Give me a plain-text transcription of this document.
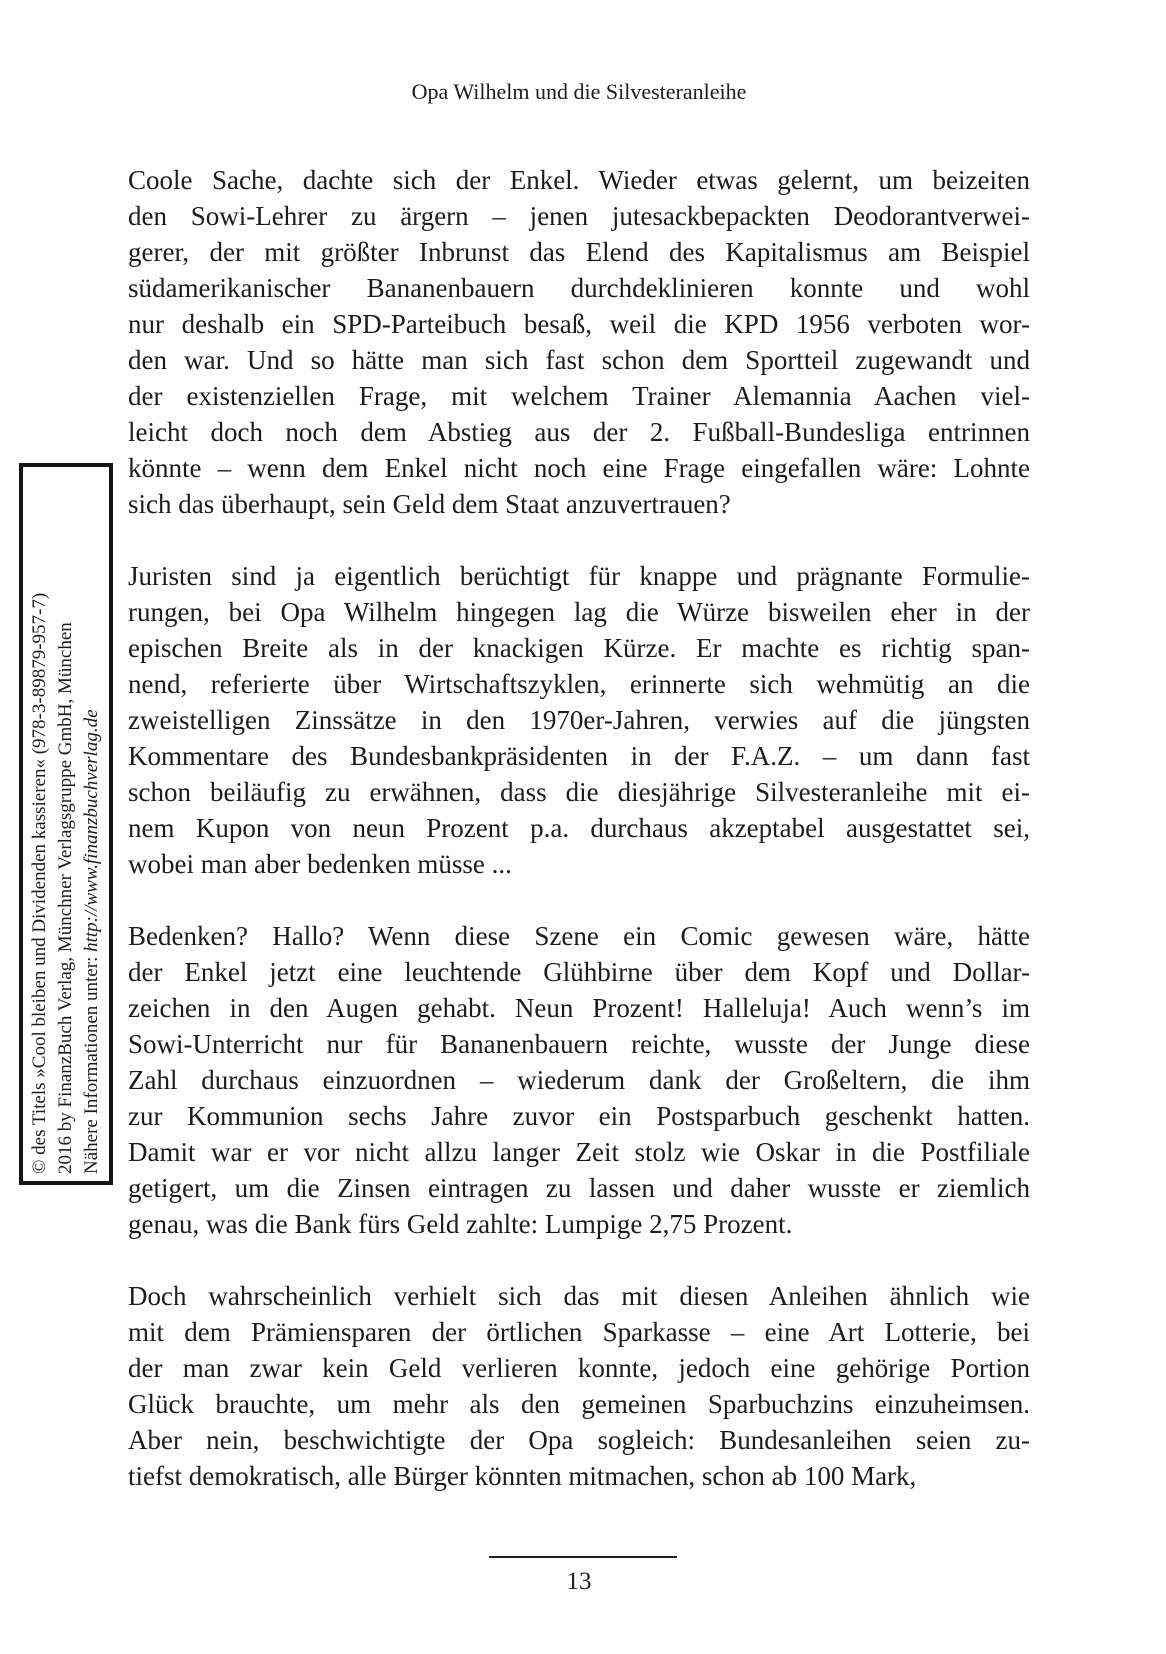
Opa Wilhelm und die Silvesteranleihe
© des Titels »Cool bleiben und Dividenden kassieren« (978-3-89879-957-7) 2016 by FinanzBuch Verlag, Münchner Verlagsgruppe GmbH, München Nähere Informationen unter: http://www.finanzbuchverlag.de
Coole Sache, dachte sich der Enkel. Wieder etwas gelernt, um beizeiten
den Sowi-Lehrer zu ärgern – jenen jutesackbepackten Deodorantverwei-
gerer, der mit größter Inbrunst das Elend des Kapitalismus am Beispiel
südamerikanischer Bananenbauern durchdeklinieren konnte und wohl
nur deshalb ein SPD-Parteibuch besaß, weil die KPD 1956 verboten wor-
den war. Und so hätte man sich fast schon dem Sportteil zugewandt und
der existenziellen Frage, mit welchem Trainer Alemannia Aachen viel-
leicht doch noch dem Abstieg aus der 2. Fußball-Bundesliga entrinnen
könnte – wenn dem Enkel nicht noch eine Frage eingefallen wäre: Lohnte
sich das überhaupt, sein Geld dem Staat anzuvertrauen?
Juristen sind ja eigentlich berüchtigt für knappe und prägnante Formulie-
rungen, bei Opa Wilhelm hingegen lag die Würze bisweilen eher in der
epischen Breite als in der knackigen Kürze. Er machte es richtig span-
nend, referierte über Wirtschaftszyklen, erinnerte sich wehmütig an die
zweistelligen Zinssätze in den 1970er-Jahren, verwies auf die jüngsten
Kommentare des Bundesbankpräsidenten in der F.A.Z. – um dann fast
schon beiläufig zu erwähnen, dass die diesjährige Silvesteranleihe mit ei-
nem Kupon von neun Prozent p.a. durchaus akzeptabel ausgestattet sei,
wobei man aber bedenken müsse ...
Bedenken? Hallo? Wenn diese Szene ein Comic gewesen wäre, hätte
der Enkel jetzt eine leuchtende Glühbirne über dem Kopf und Dollar-
zeichen in den Augen gehabt. Neun Prozent! Halleluja! Auch wenn’s im
Sowi-Unterricht nur für Bananenbauern reichte, wusste der Junge diese
Zahl durchaus einzuordnen – wiederum dank der Großeltern, die ihm
zur Kommunion sechs Jahre zuvor ein Postsparbuch geschenkt hatten.
Damit war er vor nicht allzu langer Zeit stolz wie Oskar in die Postfiliale
getigert, um die Zinsen eintragen zu lassen und daher wusste er ziemlich
genau, was die Bank fürs Geld zahlte: Lumpige 2,75 Prozent.
Doch wahrscheinlich verhielt sich das mit diesen Anleihen ähnlich wie
mit dem Prämiensparen der örtlichen Sparkasse – eine Art Lotterie, bei
der man zwar kein Geld verlieren konnte, jedoch eine gehörige Portion
Glück brauchte, um mehr als den gemeinen Sparbuchzins einzuheimsen.
Aber nein, beschwichtigte der Opa sogleich: Bundesanleihen seien zu-
tiefst demokratisch, alle Bürger könnten mitmachen, schon ab 100 Mark,
13
